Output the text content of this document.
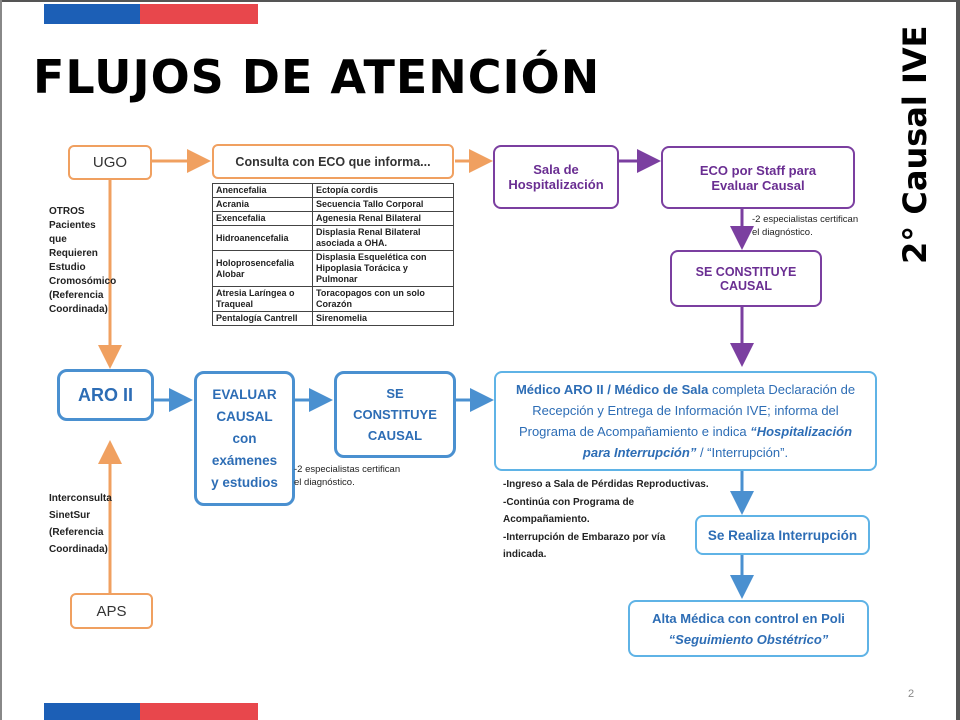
FLUJOS DE ATENCIÓN	2° Causal IVE
UGO	Consulta con ECO que informa...
Anencefalia	Ectopía cordis
Acrania	Secuencia Tallo Corporal
Exencefalia	Agenesia Renal Bilateral
Hidroanencefalia	Displasia Renal Bilateral asociada a OHA.
Holoprosencefalia Alobar	Displasia Esquelética con Hipoplasia Torácica y Pulmonar
Atresia Laríngea o Traqueal	Toracopagos con un solo Corazón
Pentalogía Cantrell	Sirenomelia
Sala de Hospitalización
ECO por Staff para Evaluar Causal
-2 especialistas certifican
el diagnóstico.
SE CONSTITUYE CAUSAL
OTROS
Pacientes
que
Requieren
Estudio
Cromosómico
(Referencia
Coordinada)
ARO II	EVALUAR
CAUSAL
con
exámenes
y estudios
SE
CONSTITUYE
CAUSAL
-2 especialistas certifican
el diagnóstico.
Médico ARO II / Médico de Sala completa Declaración de Recepción y Entrega de Información IVE; informa del Programa de Acompañamiento e indica “Hospitalización para Interrupción” / “Interrupción”.
-Ingreso a Sala de Pérdidas Reproductivas.
-Continúa con Programa de
Acompañamiento.
-Interrupción de Embarazo por vía
indicada.
Se Realiza Interrupción
Interconsulta
SinetSur
(Referencia
Coordinada)
APS	Alta Médica con control en Poli
“Seguimiento Obstétrico”
2
